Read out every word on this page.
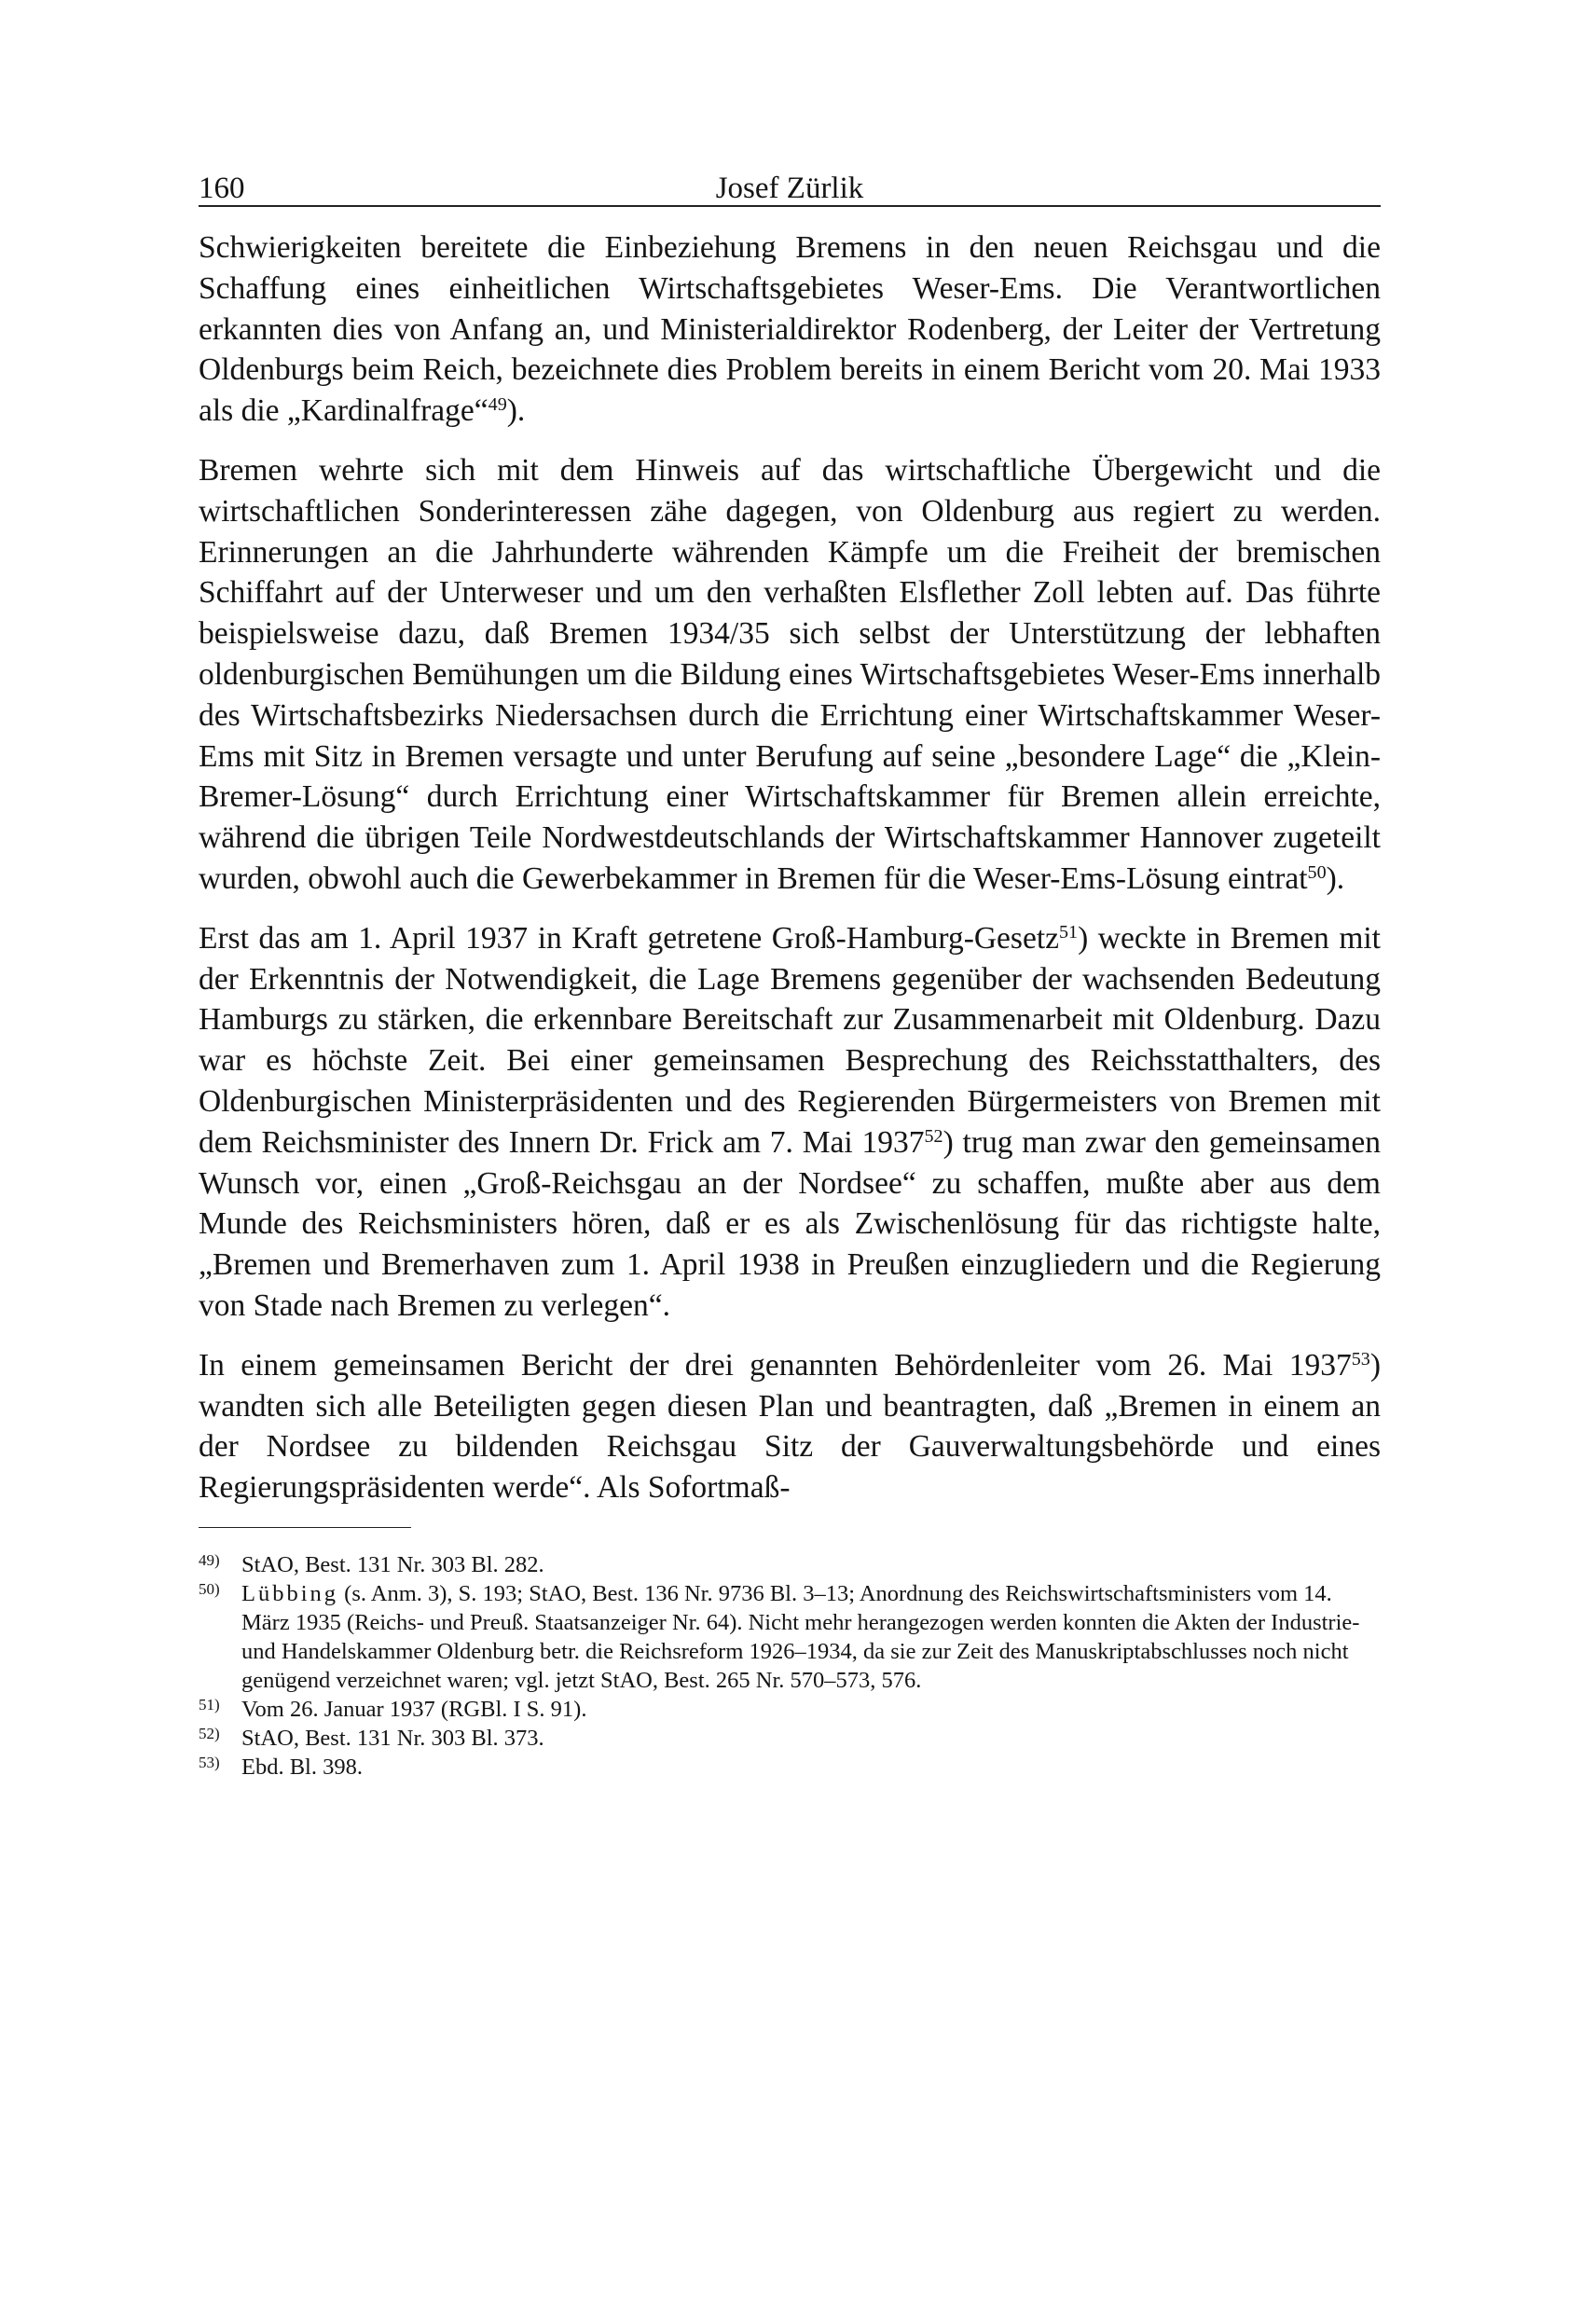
160	Josef Zürlik

Schwierigkeiten bereitete die Einbeziehung Bremens in den neuen Reichsgau und die Schaffung eines einheitlichen Wirtschaftsgebietes Weser-Ems. Die Verantwortlichen erkannten dies von Anfang an, und Ministerialdirektor Rodenberg, der Leiter der Vertretung Oldenburgs beim Reich, bezeichnete dies Problem bereits in einem Bericht vom 20. Mai 1933 als die „Kardinalfrage“$^{49}$).

Bremen wehrte sich mit dem Hinweis auf das wirtschaftliche Übergewicht und die wirtschaftlichen Sonderinteressen zähe dagegen, von Oldenburg aus regiert zu werden. Erinnerungen an die Jahrhunderte währenden Kämpfe um die Freiheit der bremischen Schiffahrt auf der Unterweser und um den verhaßten Elsflether Zoll lebten auf. Das führte beispielsweise dazu, daß Bremen 1934/35 sich selbst der Unterstützung der lebhaften oldenburgischen Bemühungen um die Bildung eines Wirtschaftsgebietes Weser-Ems innerhalb des Wirtschaftsbezirks Niedersachsen durch die Errichtung einer Wirtschaftskammer Weser-Ems mit Sitz in Bremen versagte und unter Berufung auf seine „besondere Lage“ die „Klein-Bremer-Lösung“ durch Errichtung einer Wirtschaftskammer für Bremen allein erreichte, während die übrigen Teile Nordwestdeutschlands der Wirtschaftskammer Hannover zugeteilt wurden, obwohl auch die Gewerbekammer in Bremen für die Weser-Ems-Lösung eintrat$^{50}$).

Erst das am 1. April 1937 in Kraft getretene Groß-Hamburg-Gesetz$^{51}$) weckte in Bremen mit der Erkenntnis der Notwendigkeit, die Lage Bremens gegenüber der wachsenden Bedeutung Hamburgs zu stärken, die erkennbare Bereitschaft zur Zusammenarbeit mit Oldenburg. Dazu war es höchste Zeit. Bei einer gemeinsamen Besprechung des Reichsstatthalters, des Oldenburgischen Ministerpräsidenten und des Regierenden Bürgermeisters von Bremen mit dem Reichsminister des Innern Dr. Frick am 7. Mai 1937$^{52}$) trug man zwar den gemeinsamen Wunsch vor, einen „Groß-Reichsgau an der Nordsee“ zu schaffen, mußte aber aus dem Munde des Reichsministers hören, daß er es als Zwischenlösung für das richtigste halte, „Bremen und Bremerhaven zum 1. April 1938 in Preußen einzugliedern und die Regierung von Stade nach Bremen zu verlegen“.

In einem gemeinsamen Bericht der drei genannten Behördenleiter vom 26. Mai 1937$^{53}$) wandten sich alle Beteiligten gegen diesen Plan und beantragten, daß „Bremen in einem an der Nordsee zu bildenden Reichsgau Sitz der Gauverwaltungsbehörde und eines Regierungspräsidenten werde“. Als Sofortmaß-

49) StAO, Best. 131 Nr. 303 Bl. 282.
50) Lübbing (s. Anm. 3), S. 193; StAO, Best. 136 Nr. 9736 Bl. 3–13; Anordnung des Reichswirtschaftsministers vom 14. März 1935 (Reichs- und Preuß. Staatsanzeiger Nr. 64). Nicht mehr herangezogen werden konnten die Akten der Industrie- und Handelskammer Oldenburg betr. die Reichsreform 1926–1934, da sie zur Zeit des Manuskriptabschlusses noch nicht genügend verzeichnet waren; vgl. jetzt StAO, Best. 265 Nr. 570–573, 576.
51) Vom 26. Januar 1937 (RGBl. I S. 91).
52) StAO, Best. 131 Nr. 303 Bl. 373.
53) Ebd. Bl. 398.
